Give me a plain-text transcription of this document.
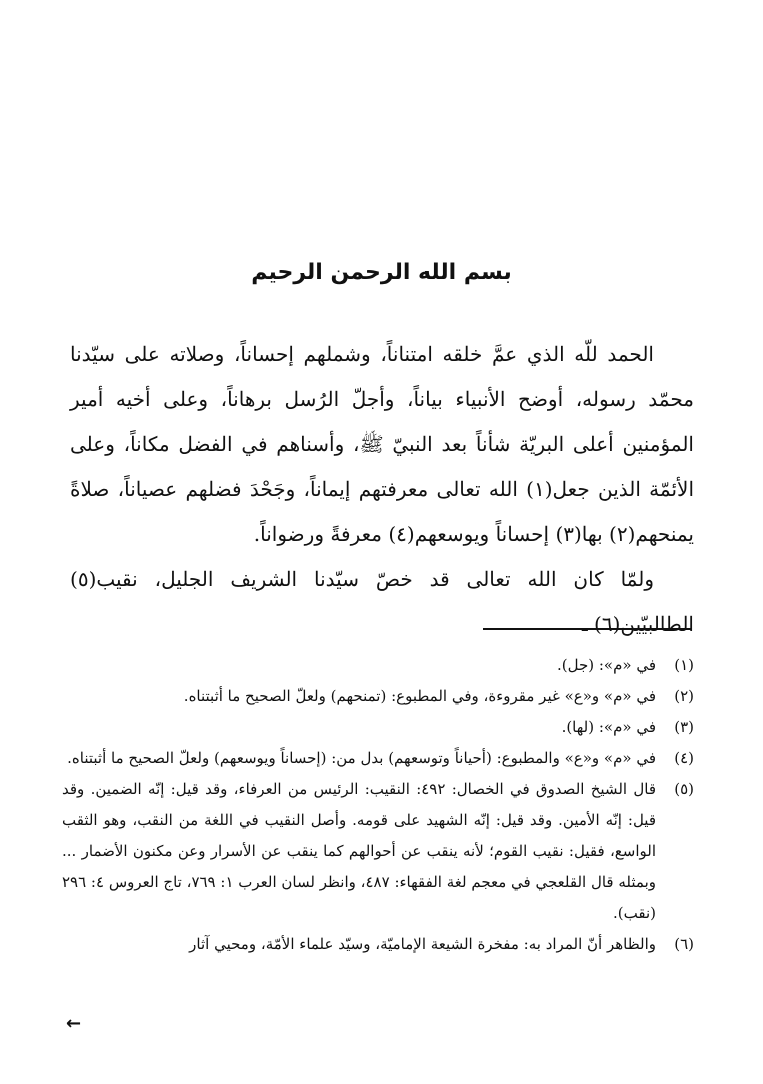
بسم الله الرحمن الرحيم

الحمد للّه الذي عمَّ خلقه امتناناً، وشملهم إحساناً، وصلاته على سيّدنا محمّد رسوله، أوضح الأنبياء بياناً، وأجلّ الرُسل برهاناً، وعلى أخيه أمير المؤمنين أعلى البريّة شأناً بعد النبيّ ﷺ، وأسناهم في الفضل مكاناً، وعلى الأئمّة الذين جعل(١) الله تعالى معرفتهم إيماناً، وجَحْدَ فضلهم عصياناً، صلاةً يمنحهم(٢) بها(٣) إحساناً ويوسعهم(٤) معرفةً ورضواناً.

ولمّا كان الله تعالى قد خصّ سيّدنا الشريف الجليل، نقيب(٥) الطالبيّين(٦) ـ

(١)
في «م»: (جل).
(٢)
في «م» و«ع» غير مقروءة، وفي المطبوع: (تمنحهم) ولعلّ الصحيح ما أثبتناه.
(٣)
في «م»: (لها).
(٤)
في «م» و«ع» والمطبوع: (أحياناً وتوسعهم) بدل من: (إحساناً ويوسعهم) ولعلّ الصحيح ما أثبتناه.
(٥)
قال الشيخ الصدوق في الخصال: ٤٩٢: النقيب: الرئيس من العرفاء، وقد قيل: إنّه الضمين. وقد قيل: إنّه الأمين. وقد قيل: إنّه الشهيد على قومه. وأصل النقيب في اللغة من النقب، وهو الثقب الواسع، فقيل: نقيب القوم؛ لأنه ينقب عن أحوالهم كما ينقب عن الأسرار وعن مكنون الأضمار ... وبمثله قال القلعجي في معجم لغة الفقهاء: ٤٨٧، وانظر لسان العرب ١: ٧٦٩، تاج العروس ٤: ٢٩٦ (نقب).
(٦)
والظاهر أنّ المراد به: مفخرة الشيعة الإماميّة، وسيّد علماء الأمّة، ومحيي آثار
←
